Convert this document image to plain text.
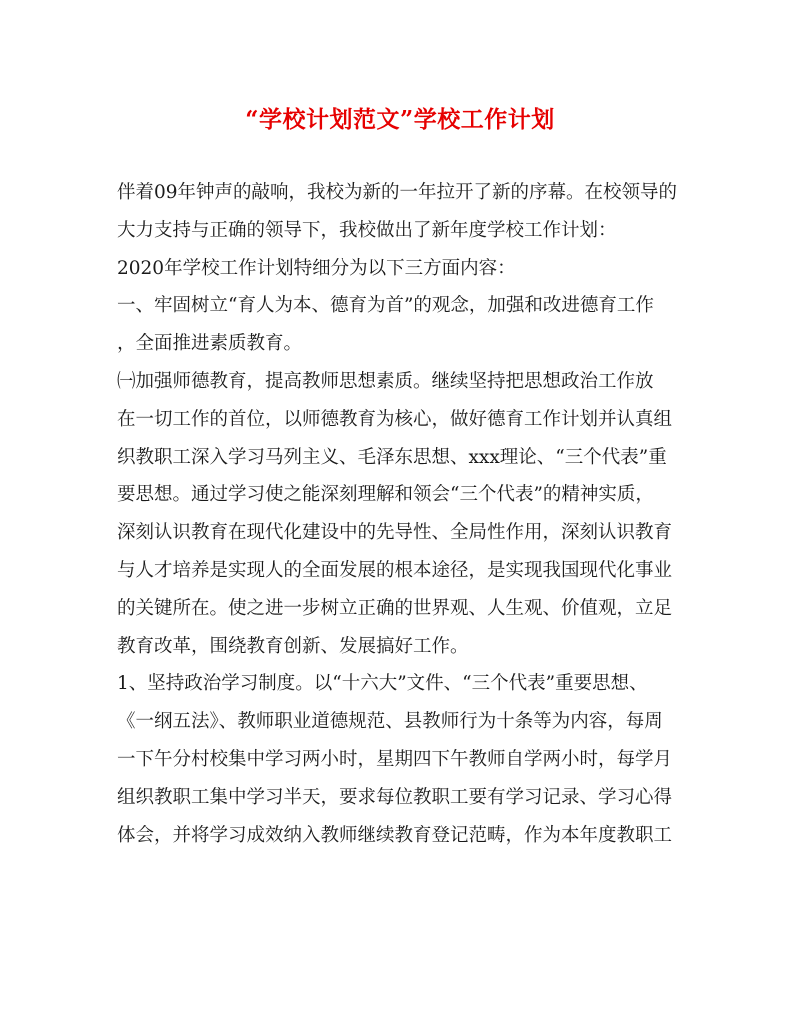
“学校计划范文”学校工作计划
伴着09年钟声的敲响，我校为新的一年拉开了新的序幕。在校领导的
大力支持与正确的领导下，我校做出了新年度学校工作计划：
2020年学校工作计划特细分为以下三方面内容：
一、牢固树立“育人为本、德育为首”的观念，加强和改进德育工作
，全面推进素质教育。
㈠加强师德教育，提高教师思想素质。继续坚持把思想政治工作放
在一切工作的首位，以师德教育为核心，做好德育工作计划并认真组
织教职工深入学习马列主义、毛泽东思想、xxx理论、“三个代表”重
要思想。通过学习使之能深刻理解和领会“三个代表”的精神实质，
深刻认识教育在现代化建设中的先导性、全局性作用，深刻认识教育
与人才培养是实现人的全面发展的根本途径，是实现我国现代化事业
的关键所在。使之进一步树立正确的世界观、人生观、价值观，立足
教育改革，围绕教育创新、发展搞好工作。
1、坚持政治学习制度。以“十六大”文件、“三个代表”重要思想、
《一纲五法》、教师职业道德规范、县教师行为十条等为内容，每周
一下午分村校集中学习两小时，星期四下午教师自学两小时，每学月
组织教职工集中学习半天，要求每位教职工要有学习记录、学习心得
体会，并将学习成效纳入教师继续教育登记范畴，作为本年度教职工
